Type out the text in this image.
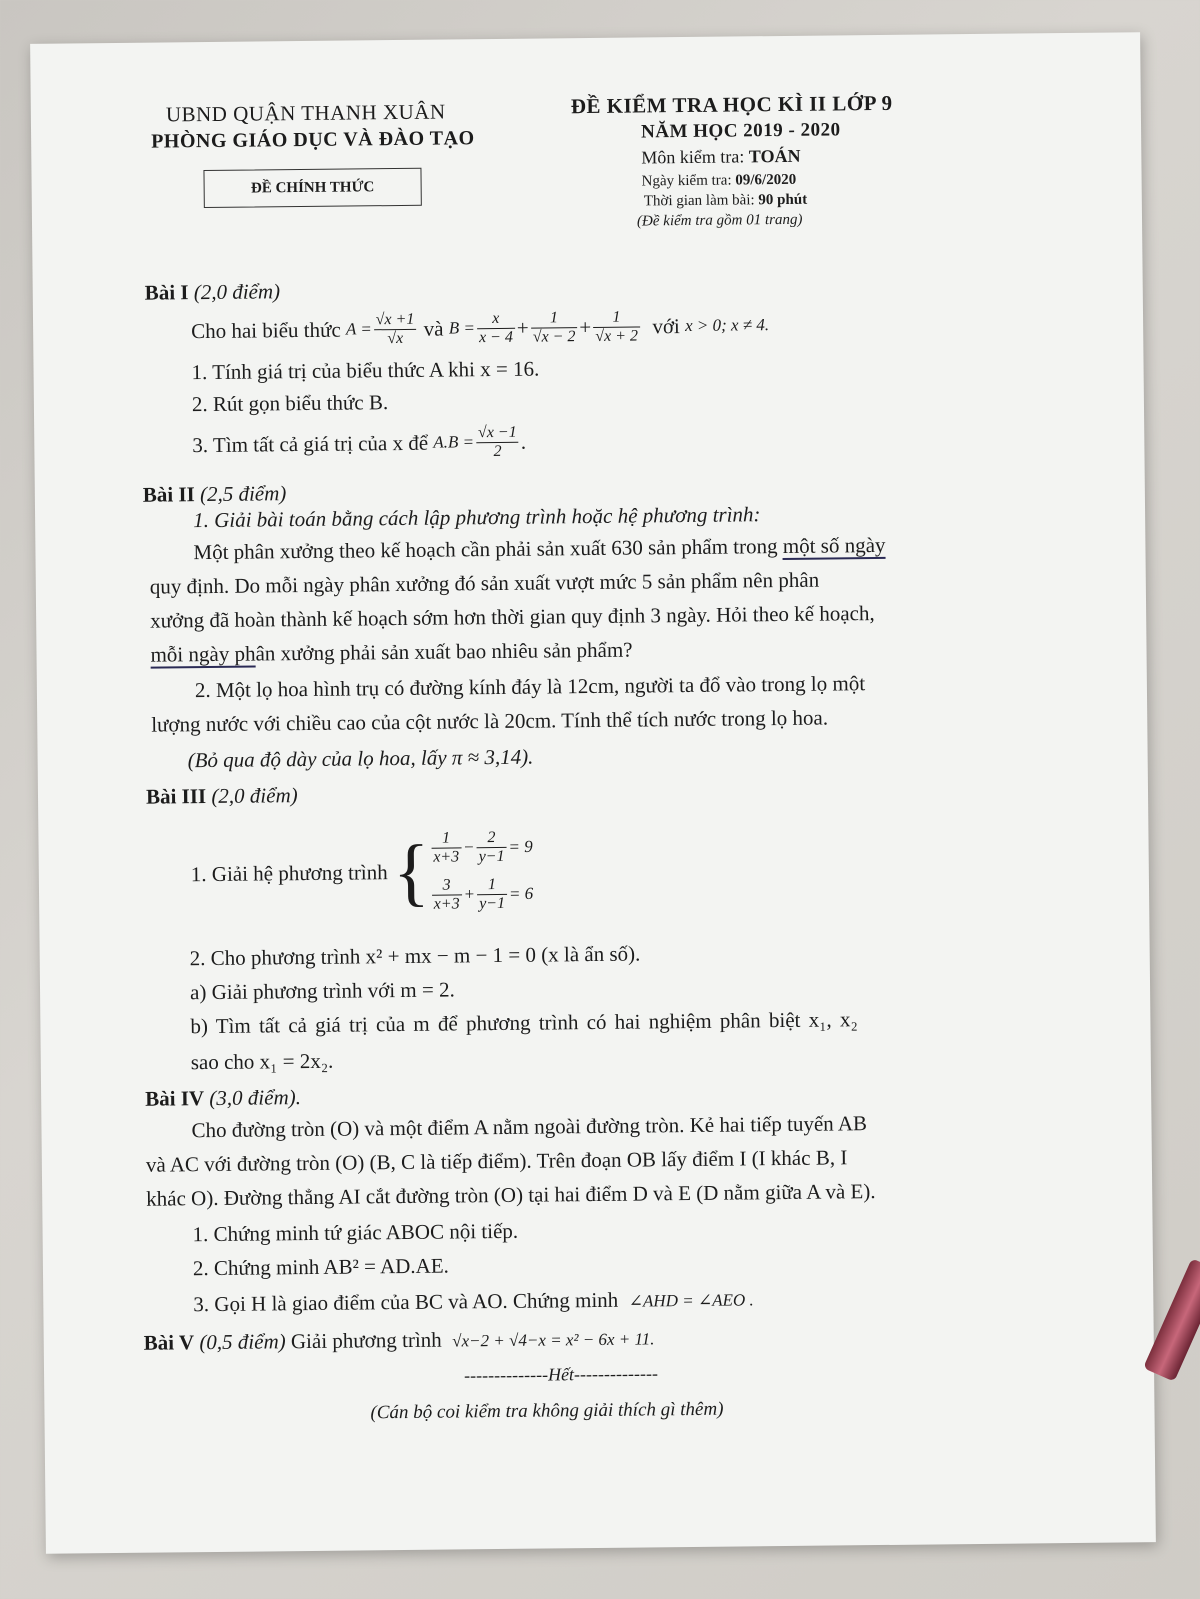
UBND QUẬN THANH XUÂN
PHÒNG GIÁO DỤC VÀ ĐÀO TẠO
ĐỀ CHÍNH THỨC
ĐỀ KIỂM TRA HỌC KÌ II LỚP 9
NĂM HỌC 2019 - 2020
Môn kiểm tra: TOÁN
Ngày kiểm tra: 09/6/2020
Thời gian làm bài: 90 phút
(Đề kiểm tra gồm 01 trang)
Bài I (2,0 điểm)
Cho hai biểu thức
$A = \frac{√x +1}{√x}$
và
$B = \frac{x}{x - 4} + \frac{1}{√x - 2} + \frac{1}{√x + 2}$
với
x > 0; x ≠ 4.
1. Tính giá trị của biểu thức A khi x = 16.
2. Rút gọn biểu thức B.
3. Tìm tất cả giá trị của x để
$A.B = \frac{√x -1}{2}$ .
Bài II (2,5 điểm)
1. Giải bài toán bằng cách lập phương trình hoặc hệ phương trình:
Một phân xưởng theo kế hoạch cần phải sản xuất 630 sản phẩm trong một số ngày
quy định. Do mỗi ngày phân xưởng đó sản xuất vượt mức 5 sản phẩm nên phân
xưởng đã hoàn thành kế hoạch sớm hơn thời gian quy định 3 ngày. Hỏi theo kế hoạch,
mỗi ngày phân xưởng phải sản xuất bao nhiêu sản phẩm?
2. Một lọ hoa hình trụ có đường kính đáy là 12cm, người ta đổ vào trong lọ một
lượng nước với chiều cao của cột nước là 20cm. Tính thể tích nước trong lọ hoa.
(Bỏ qua độ dày của lọ hoa, lấy π ≈ 3,14).
Bài III (2,0 điểm)
1. Giải hệ phương trình
{ $\frac{1}{x+3} - \frac{2}{y-1} = 9$
$\frac{3}{x+3} + \frac{1}{y-1} = 6$
2. Cho phương trình x² + mx − m − 1 = 0 (x là ẩn số).
a) Giải phương trình với m = 2.
b) Tìm tất cả giá trị của m để phương trình có hai nghiệm phân biệt x₁, x₂
sao cho x₁ = 2x₂.
Bài IV (3,0 điểm).
Cho đường tròn (O) và một điểm A nằm ngoài đường tròn. Kẻ hai tiếp tuyến AB
và AC với đường tròn (O) (B, C là tiếp điểm). Trên đoạn OB lấy điểm I (I khác B, I
khác O). Đường thẳng AI cắt đường tròn (O) tại hai điểm D và E (D nằm giữa A và E).
1. Chứng minh tứ giác ABOC nội tiếp.
2. Chứng minh AB² = AD.AE.
3. Gọi H là giao điểm của BC và AO. Chứng minh ∠AHD = ∠AEO .
Bài V (0,5 điểm) Giải phương trình √x−2 + √4−x = x² − 6x + 11.
--------------Hết--------------
(Cán bộ coi kiểm tra không giải thích gì thêm)
